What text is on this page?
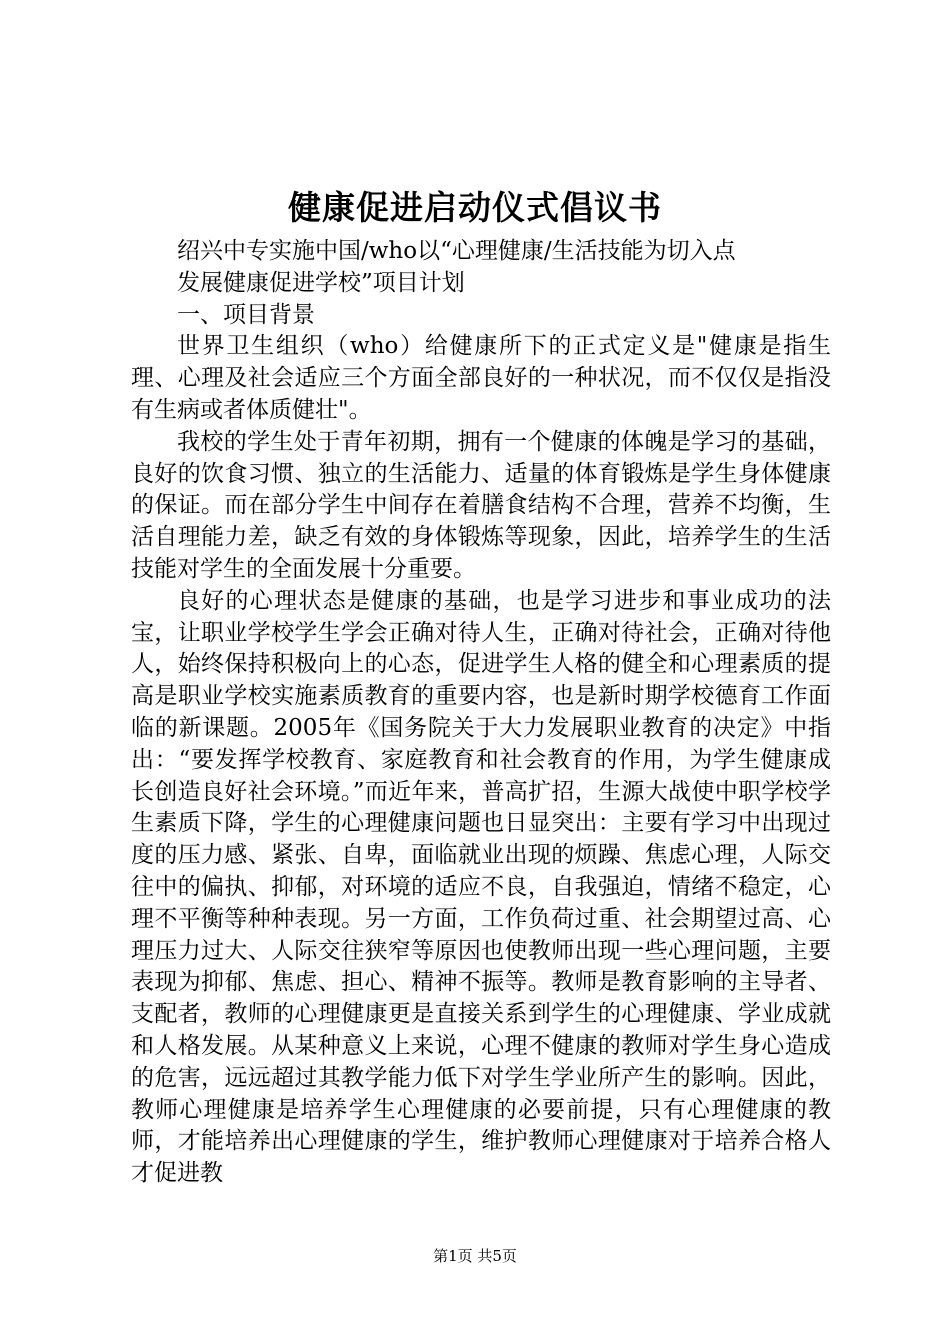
健康促进启动仪式倡议书

绍兴中专实施中国/who以“心理健康/生活技能为切入点

发展健康促进学校”项目计划

一、项目背景

世界卫生组织（who）给健康所下的正式定义是"健康是指生理、心理及社会适应三个方面全部良好的一种状况，而不仅仅是指没有生病或者体质健壮"。

我校的学生处于青年初期，拥有一个健康的体魄是学习的基础，良好的饮食习惯、独立的生活能力、适量的体育锻炼是学生身体健康的保证。而在部分学生中间存在着膳食结构不合理，营养不均衡，生活自理能力差，缺乏有效的身体锻炼等现象，因此，培养学生的生活技能对学生的全面发展十分重要。

良好的心理状态是健康的基础，也是学习进步和事业成功的法宝，让职业学校学生学会正确对待人生，正确对待社会，正确对待他人，始终保持积极向上的心态，促进学生人格的健全和心理素质的提高是职业学校实施素质教育的重要内容，也是新时期学校德育工作面临的新课题。2005年《国务院关于大力发展职业教育的决定》中指出：“要发挥学校教育、家庭教育和社会教育的作用，为学生健康成长创造良好社会环境。”而近年来，普高扩招，生源大战使中职学校学生素质下降，学生的心理健康问题也日显突出：主要有学习中出现过度的压力感、紧张、自卑，面临就业出现的烦躁、焦虑心理，人际交往中的偏执、抑郁，对环境的适应不良，自我强迫，情绪不稳定，心理不平衡等种种表现。另一方面，工作负荷过重、社会期望过高、心理压力过大、人际交往狭窄等原因也使教师出现一些心理问题，主要表现为抑郁、焦虑、担心、精神不振等。教师是教育影响的主导者、支配者，教师的心理健康更是直接关系到学生的心理健康、学业成就和人格发展。从某种意义上来说，心理不健康的教师对学生身心造成的危害，远远超过其教学能力低下对学生学业所产生的影响。因此，教师心理健康是培养学生心理健康的必要前提，只有心理健康的教师，才能培养出心理健康的学生，维护教师心理健康对于培养合格人才促进教

第1页 共5页
